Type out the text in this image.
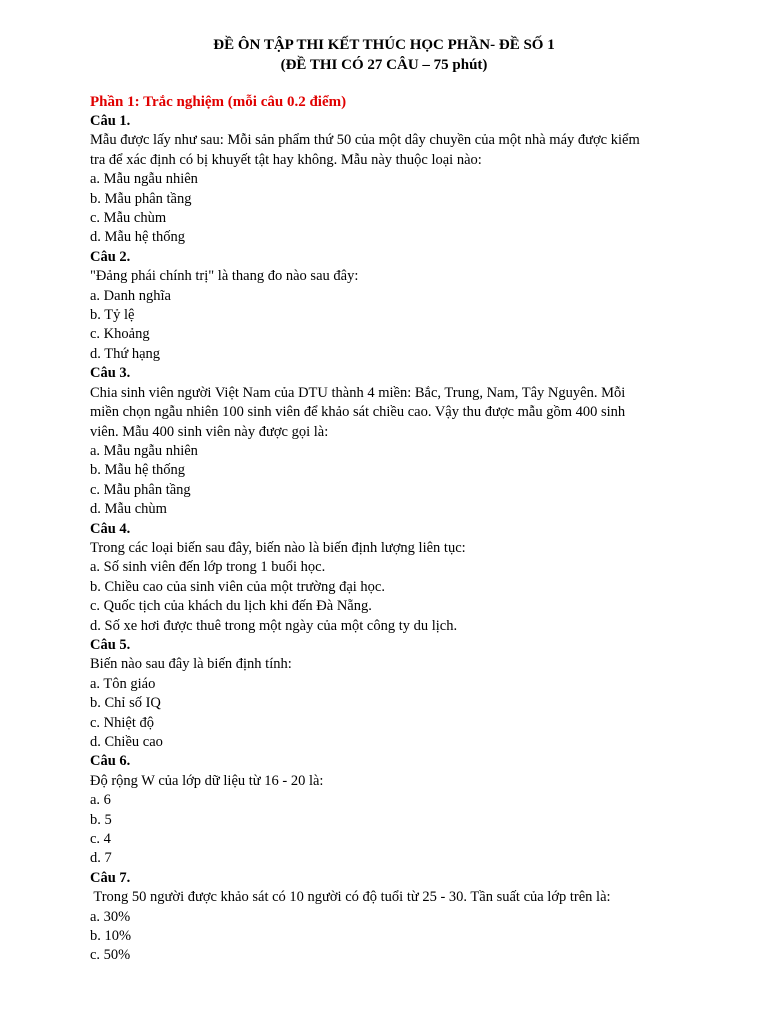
ĐỀ ÔN TẬP THI KẾT THÚC HỌC PHẦN- ĐỀ SỐ 1
(ĐỀ THI CÓ 27 CÂU – 75 phút)
Phần 1: Trắc nghiệm (mỗi câu 0.2 điểm)
Câu 1.
Mẫu được lấy như sau: Mỗi sản phẩm thứ 50 của một dây chuyền của một nhà máy được kiểm
tra để xác định có bị khuyết tật hay không. Mẫu này thuộc loại nào:
a. Mẫu ngẫu nhiên
b. Mẫu phân tầng
c. Mẫu chùm
d. Mẫu hệ thống
Câu 2.
"Đảng phái chính trị" là thang đo nào sau đây:
a. Danh nghĩa
b. Tỷ lệ
c. Khoảng
d. Thứ hạng
Câu 3.
Chia sinh viên người Việt Nam của DTU thành 4 miền: Bắc, Trung, Nam, Tây Nguyên. Mỗi
miền chọn ngẫu nhiên 100 sinh viên để khảo sát chiều cao. Vậy thu được mẫu gồm 400 sinh
viên. Mẫu 400 sinh viên này được gọi là:
a. Mẫu ngẫu nhiên
b. Mẫu hệ thống
c. Mẫu phân tầng
d. Mẫu chùm
Câu 4.
Trong các loại biến sau đây, biến nào là biến định lượng liên tục:
a. Số sinh viên đến lớp trong 1 buổi học.
b. Chiều cao của sinh viên của một trường đại học.
c. Quốc tịch của khách du lịch khi đến Đà Nẵng.
d. Số xe hơi được thuê trong một ngày của một công ty du lịch.
Câu 5.
Biến nào sau đây là biến định tính:
a. Tôn giáo
b. Chỉ số IQ
c. Nhiệt độ
d. Chiều cao
Câu 6.
Độ rộng W của lớp dữ liệu từ 16 - 20 là:
a. 6
b. 5
c. 4
d. 7
Câu 7.
Trong 50 người được khảo sát có 10 người có độ tuổi từ 25 - 30. Tần suất của lớp trên là:
a. 30%
b. 10%
c. 50%
